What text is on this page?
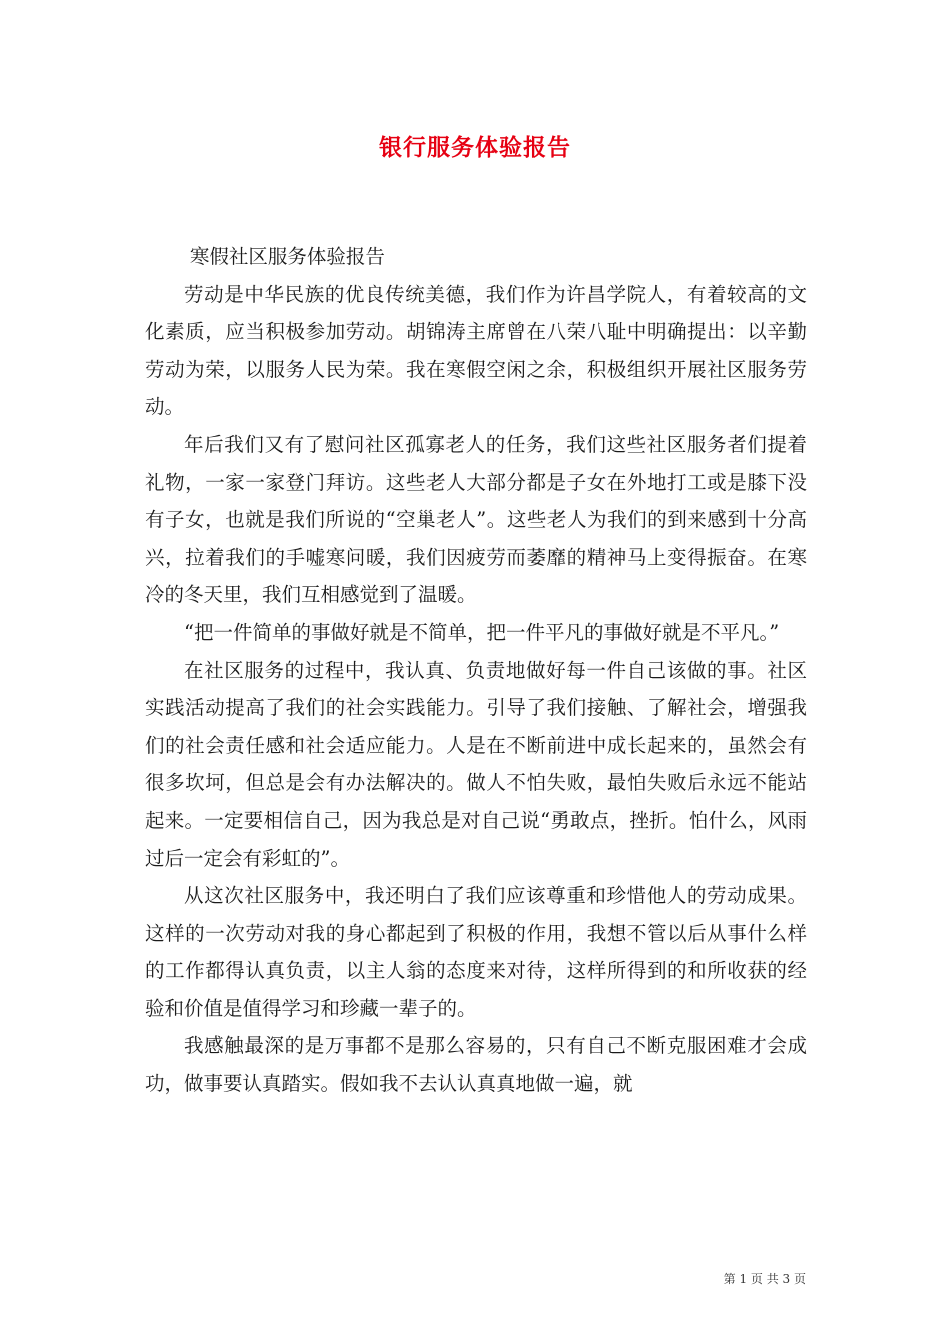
银行服务体验报告

寒假社区服务体验报告

劳动是中华民族的优良传统美德，我们作为许昌学院人，有着较高的文化素质，应当积极参加劳动。胡锦涛主席曾在八荣八耻中明确提出：以辛勤劳动为荣，以服务人民为荣。我在寒假空闲之余，积极组织开展社区服务劳动。

年后我们又有了慰问社区孤寡老人的任务，我们这些社区服务者们提着礼物，一家一家登门拜访。这些老人大部分都是子女在外地打工或是膝下没有子女，也就是我们所说的“空巢老人”。这些老人为我们的到来感到十分高兴，拉着我们的手嘘寒问暖，我们因疲劳而萎靡的精神马上变得振奋。在寒冷的冬天里，我们互相感觉到了温暖。

“把一件简单的事做好就是不简单，把一件平凡的事做好就是不平凡。”

在社区服务的过程中，我认真、负责地做好每一件自己该做的事。社区实践活动提高了我们的社会实践能力。引导了我们接触、了解社会，增强我们的社会责任感和社会适应能力。人是在不断前进中成长起来的，虽然会有很多坎坷，但总是会有办法解决的。做人不怕失败，最怕失败后永远不能站起来。一定要相信自己，因为我总是对自己说“勇敢点，挫折。怕什么，风雨过后一定会有彩虹的”。

从这次社区服务中，我还明白了我们应该尊重和珍惜他人的劳动成果。这样的一次劳动对我的身心都起到了积极的作用，我想不管以后从事什么样的工作都得认真负责，以主人翁的态度来对待，这样所得到的和所收获的经验和价值是值得学习和珍藏一辈子的。

我感触最深的是万事都不是那么容易的，只有自己不断克服困难才会成功，做事要认真踏实。假如我不去认认真真地做一遍，就

第 1 页 共 3 页
